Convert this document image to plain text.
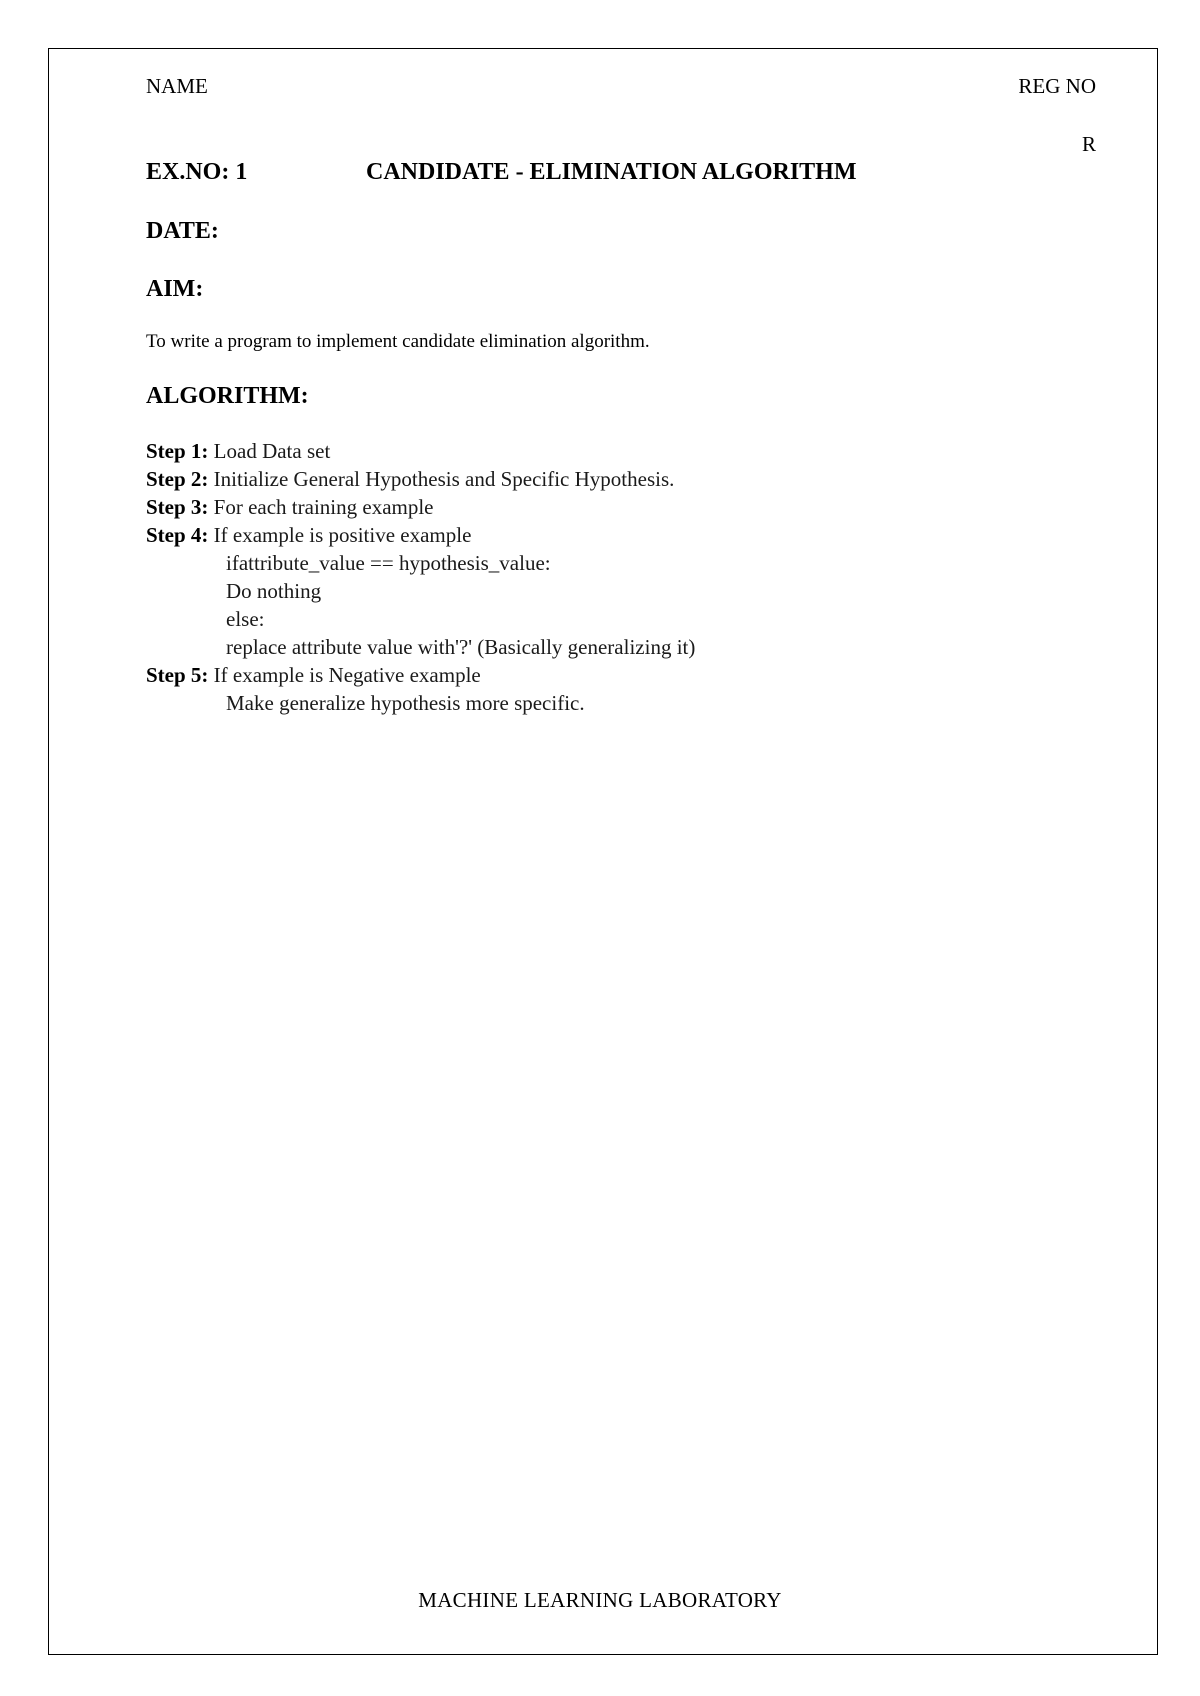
NAME	REG NO
R
EX.NO: 1	CANDIDATE - ELIMINATION ALGORITHM
DATE:
AIM:
To write a program to implement candidate elimination algorithm.
ALGORITHM:
Step 1: Load Data set
Step 2: Initialize General Hypothesis and Specific Hypothesis.
Step 3: For each training example
Step 4: If example is positive example
ifattribute_value == hypothesis_value:
Do nothing
else:
replace attribute value with'?' (Basically generalizing it)
Step 5: If example is Negative example
Make generalize hypothesis more specific.
MACHINE LEARNING LABORATORY
